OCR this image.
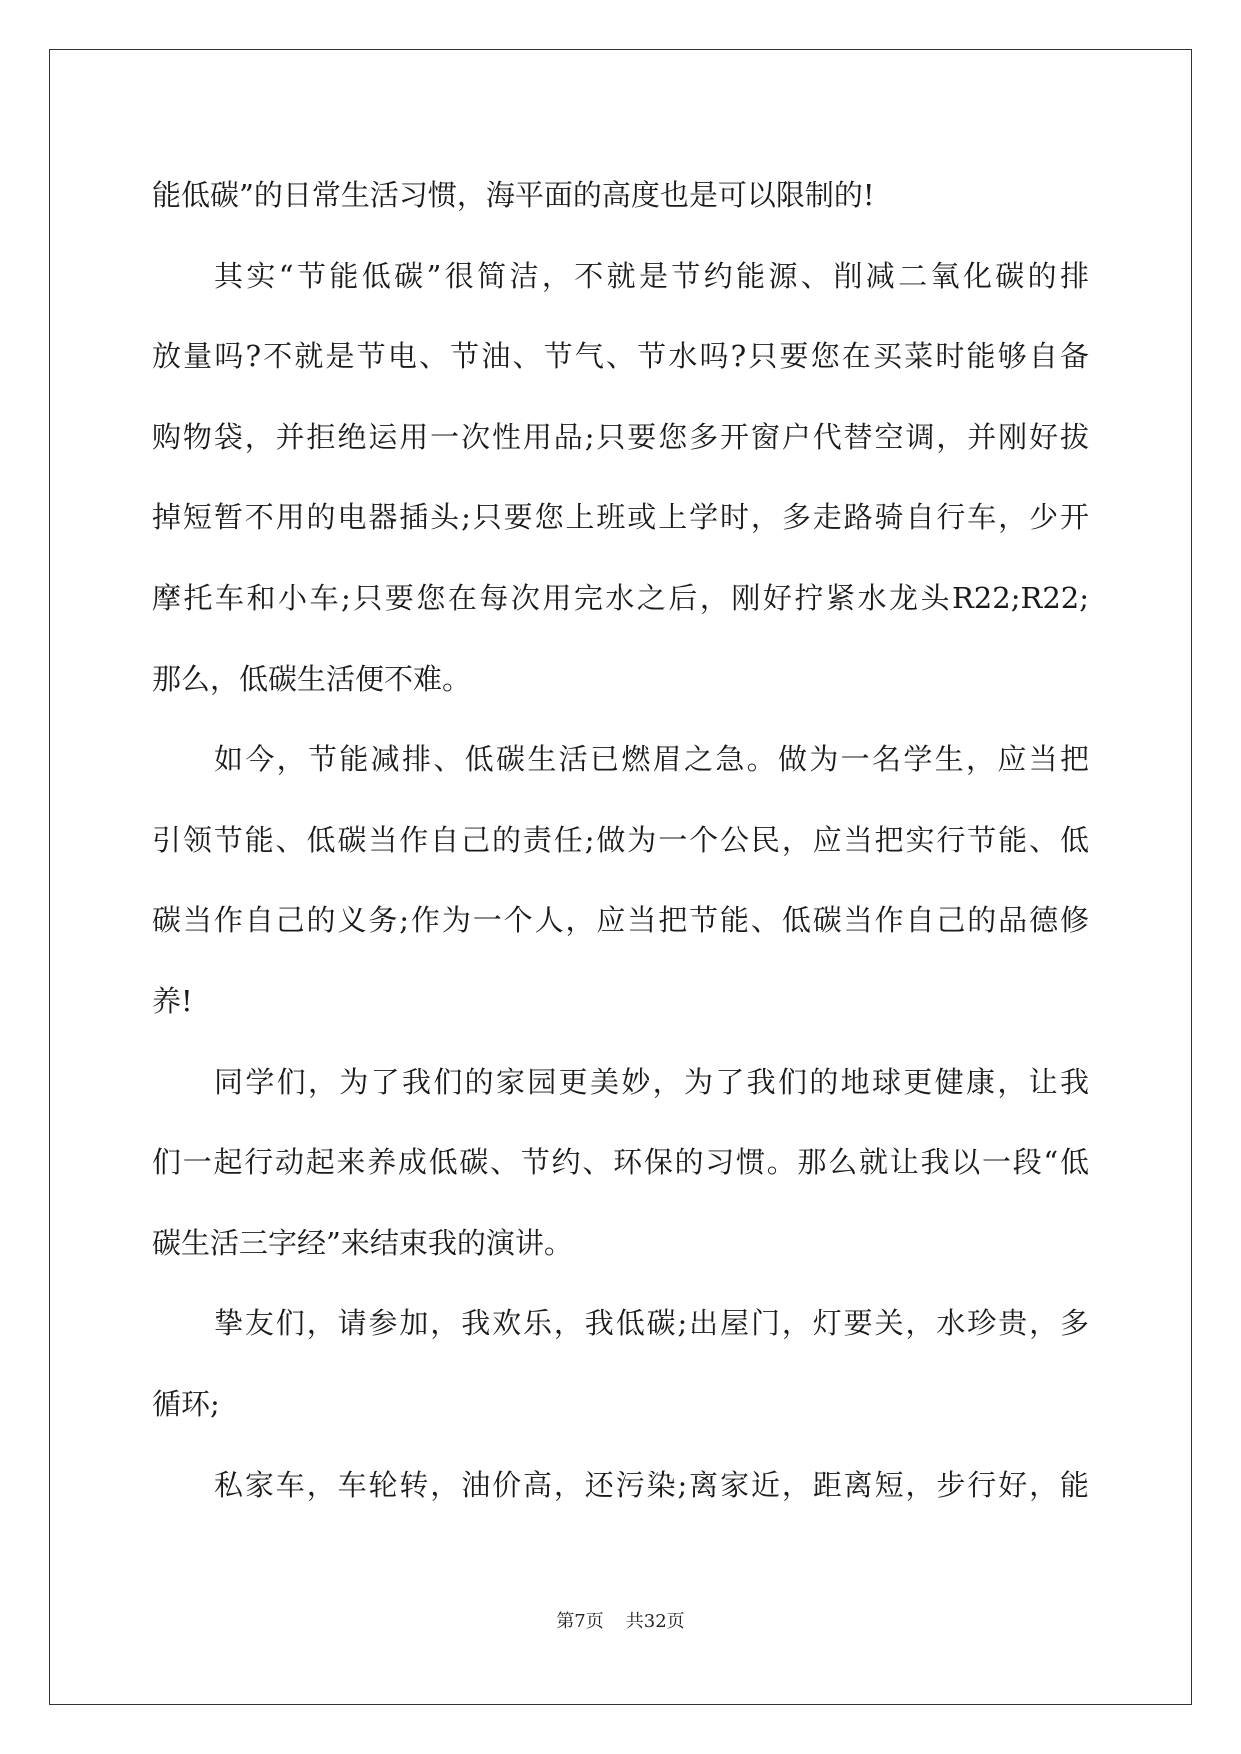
能低碳”的日常生活习惯，海平面的高度也是可以限制的!
其实“节能低碳”很简洁，不就是节约能源、削减二氧化碳的排
放量吗?不就是节电、节油、节气、节水吗?只要您在买菜时能够自备
购物袋，并拒绝运用一次性用品;只要您多开窗户代替空调，并刚好拔
掉短暂不用的电器插头;只要您上班或上学时，多走路骑自行车，少开
摩托车和小车;只要您在每次用完水之后，刚好拧紧水龙头R22;R22;
那么，低碳生活便不难。
如今，节能减排、低碳生活已燃眉之急。做为一名学生，应当把
引领节能、低碳当作自己的责任;做为一个公民，应当把实行节能、低
碳当作自己的义务;作为一个人，应当把节能、低碳当作自己的品德修
养!
同学们，为了我们的家园更美妙，为了我们的地球更健康，让我
们一起行动起来养成低碳、节约、环保的习惯。那么就让我以一段“低
碳生活三字经”来结束我的演讲。
挚友们，请参加，我欢乐，我低碳;出屋门，灯要关，水珍贵，多
循环;
私家车，车轮转，油价高，还污染;离家近，距离短，步行好，能
第7页 共32页
